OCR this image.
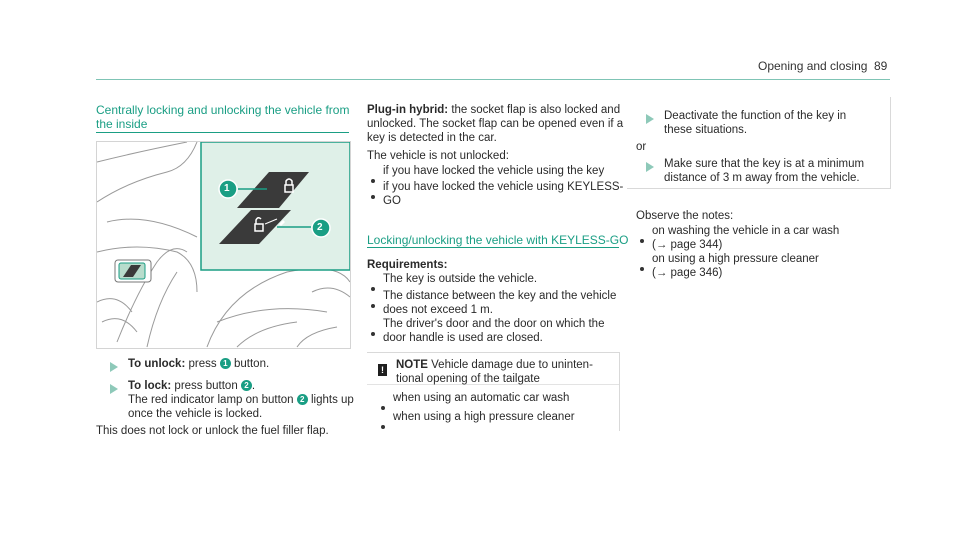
Opening and closing 89
Centrally locking and unlocking the vehicle from
the inside
1
2
To unlock: press 1 button.
To lock: press button 2 .
The red indicator lamp on button 2 lights up
once the vehicle is locked.
This does not lock or unlock the fuel filler flap.
Plug-in hybrid: the socket flap is also locked and
unlocked. The socket flap can be opened even if a
key is detected in the car.
The vehicle is not unlocked:
if you have locked the vehicle using the key
if you have locked the vehicle using KEYLESS-
GO
Locking/unlocking the vehicle with KEYLESS-GO
Requirements:
The key is outside the vehicle.
The distance between the key and the vehicle
does not exceed 1 m.
The driver's door and the door on which the
door handle is used are closed.
! NOTE Vehicle damage due to uninten-
tional opening of the tailgate
when using an automatic car wash
when using a high pressure cleaner
Deactivate the function of the key in
these situations.
or
Make sure that the key is at a minimum
distance of 3 m away from the vehicle.
Observe the notes:
on washing the vehicle in a car wash
(→ page 344)
on using a high pressure cleaner
(→ page 346)
